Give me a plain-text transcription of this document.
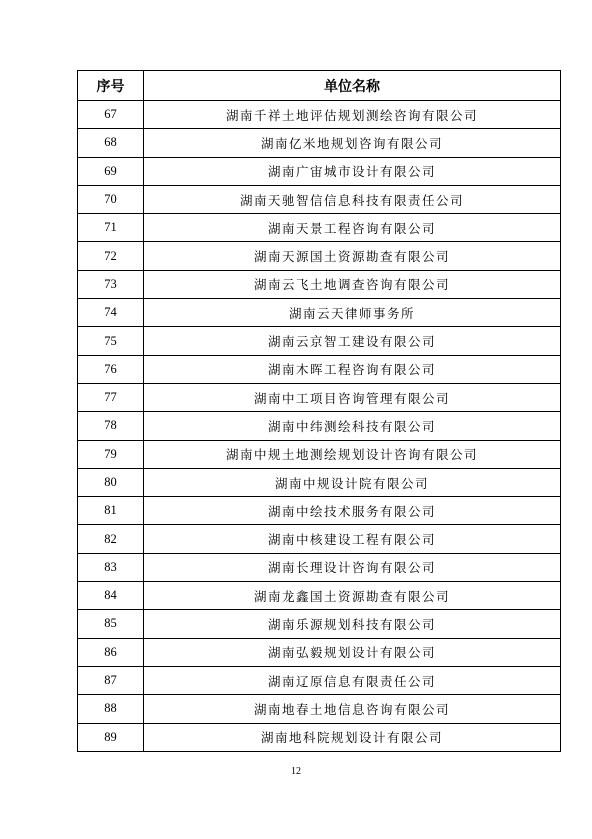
序号	单位名称
67	湖南千祥土地评估规划测绘咨询有限公司
68	湖南亿米地规划咨询有限公司
69	湖南广宙城市设计有限公司
70	湖南天驰智信信息科技有限责任公司
71	湖南天景工程咨询有限公司
72	湖南天源国土资源勘查有限公司
73	湖南云飞土地调查咨询有限公司
74	湖南云天律师事务所
75	湖南云京智工建设有限公司
76	湖南木晖工程咨询有限公司
77	湖南中工项目咨询管理有限公司
78	湖南中纬测绘科技有限公司
79	湖南中规土地测绘规划设计咨询有限公司
80	湖南中规设计院有限公司
81	湖南中绘技术服务有限公司
82	湖南中核建设工程有限公司
83	湖南长理设计咨询有限公司
84	湖南龙鑫国土资源勘查有限公司
85	湖南乐源规划科技有限公司
86	湖南弘毅规划设计有限公司
87	湖南辽原信息有限责任公司
88	湖南地春土地信息咨询有限公司
89	湖南地科院规划设计有限公司
12
